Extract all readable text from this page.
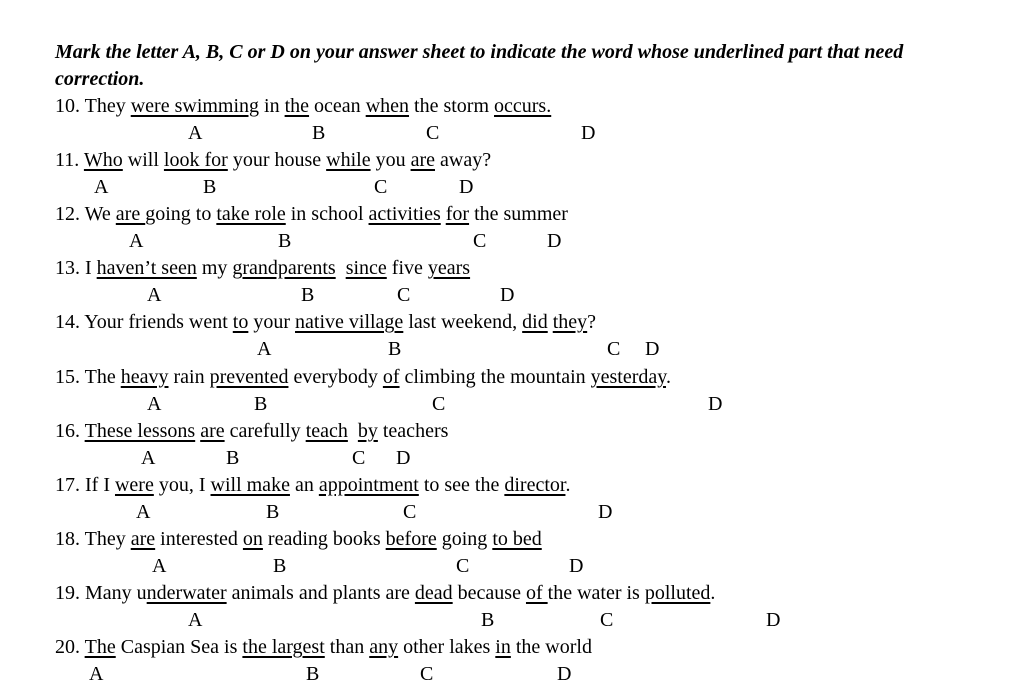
Mark the letter A, B, C or D on your answer sheet to indicate the word whose underlined part that need
correction.
10. They were swimming in the ocean when the storm occurs.
A	B	C	D
11. Who will look for your house while you are away?
A	B	C	D
12. We are going to take role in school activities for the summer
A	B	C	D
13. I haven’t seen my grandparents since five years
A	B	C	D
14. Your friends went to your native village last weekend, did they?
A	B	C D
15. The heavy rain prevented everybody of climbing the mountain yesterday.
A	B	C	D
16. These lessons are carefully teach by teachers
A	B	C D
17. If I were you, I will make an appointment to see the director.
A	B	C	D
18. They are interested on reading books before going to bed
A	B	C	D
19. Many underwater animals and plants are dead because of the water is polluted.
A	B	C	D
20. The Caspian Sea is the largest than any other lakes in the world
A	B	C	D
